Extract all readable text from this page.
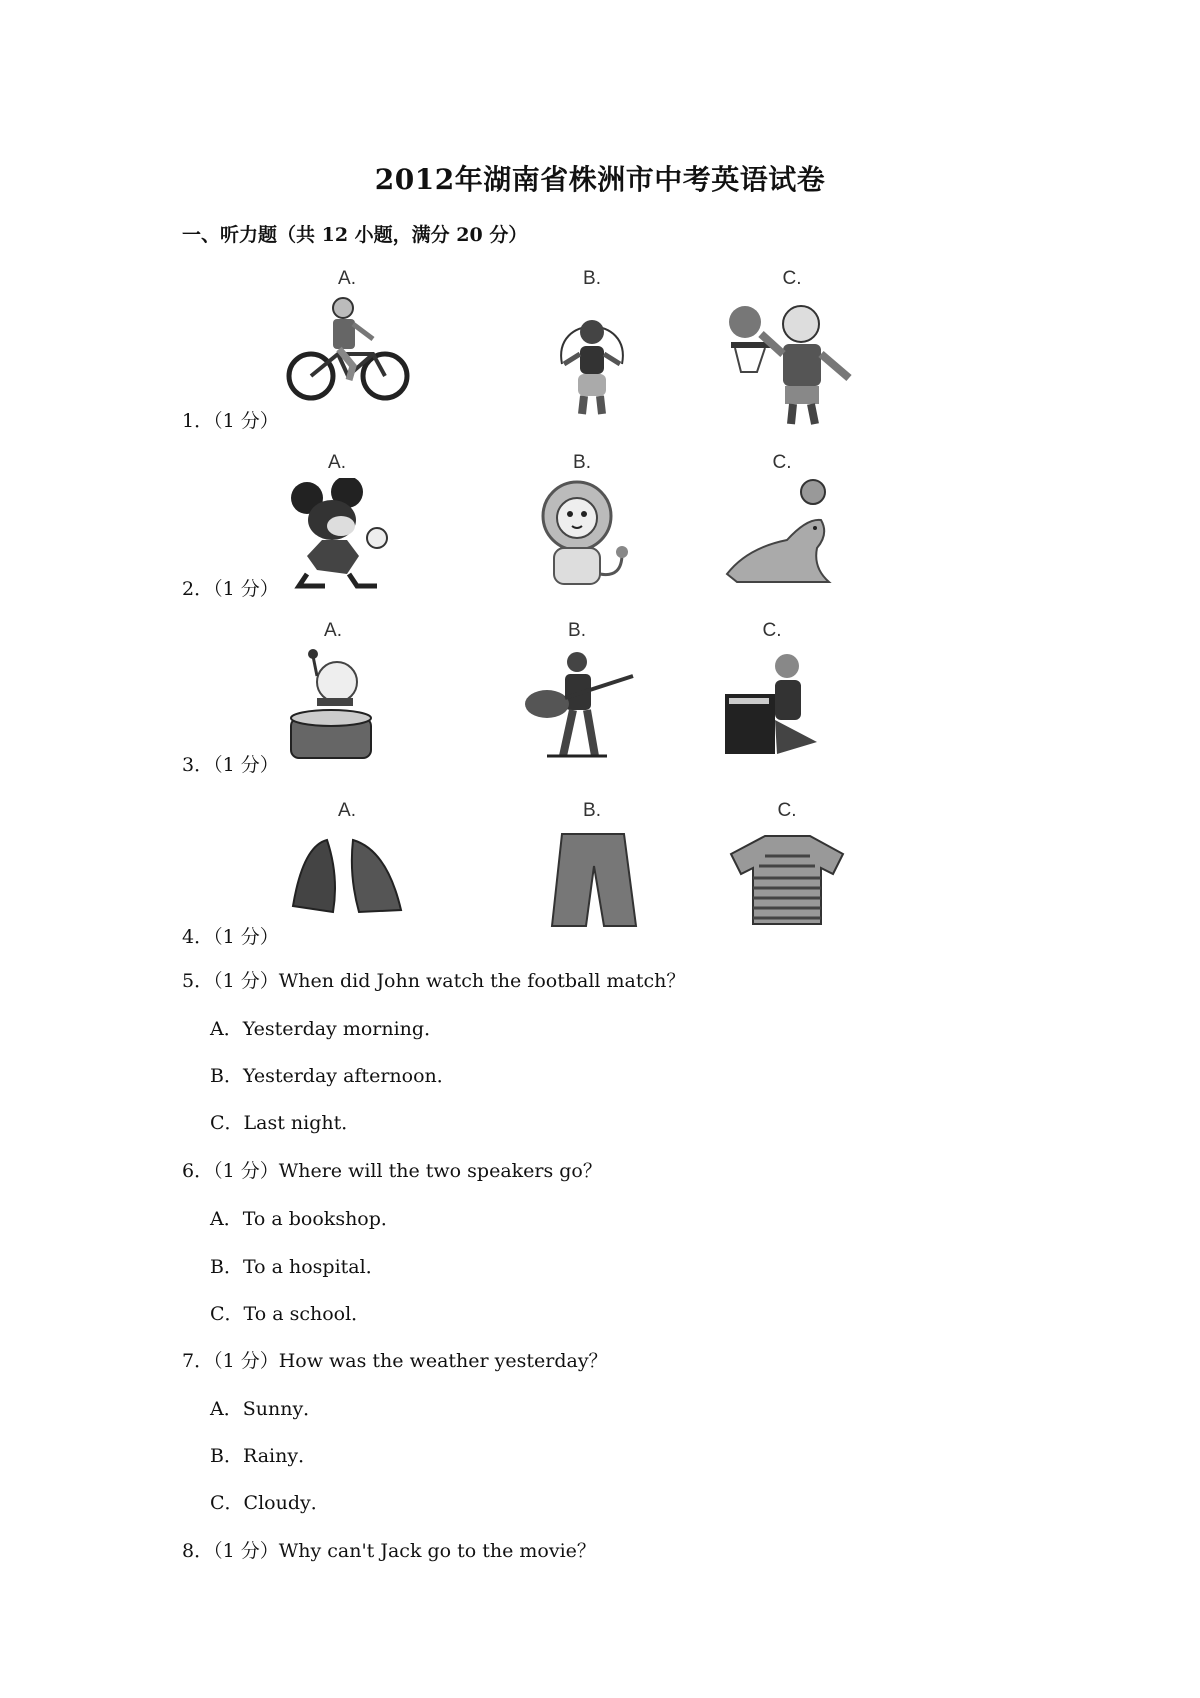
2012年湖南省株洲市中考英语试卷
一、听力题（共 12 小题，满分 20 分）
1．（1 分）
A.	B.	C.
2．（1 分）
A.	B.	C.
3．（1 分）
A.	B.	C.
4．（1 分）
A.	B.	C.
5．（1 分）When did John watch the football match？
A．Yesterday morning．
B．Yesterday afternoon．
C．Last night．
6．（1 分）Where will the two speakers go？
A．To a bookshop．
B．To a hospital．
C．To a school．
7．（1 分）How was the weather yesterday？
A．Sunny．
B．Rainy．
C．Cloudy．
8．（1 分）Why can't Jack go to the movie？
